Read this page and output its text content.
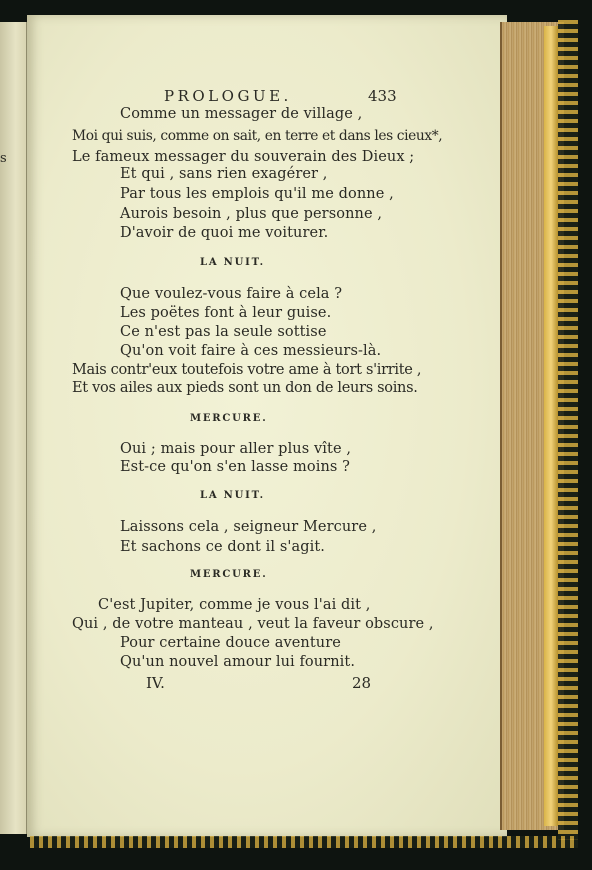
s
PROLOGUE.	433
Comme un messager de village ,
Moi qui suis, comme on sait, en terre et dans les cieux*,
Le fameux messager du souverain des Dieux ;
Et qui , sans rien exagérer ,
Par tous les emplois qu'il me donne ,
Aurois besoin , plus que personne ,
D'avoir de quoi me voiturer.
LA NUIT.
Que voulez-vous faire à cela ?
Les poëtes font à leur guise.
Ce n'est pas la seule sottise
Qu'on voit faire à ces messieurs-là.
Mais contr'eux toutefois votre ame à tort s'irrite ,
Et vos ailes aux pieds sont un don de leurs soins.
MERCURE.
Oui ; mais pour aller plus vîte ,
Est-ce qu'on s'en lasse moins ?
LA NUIT.
Laissons cela , seigneur Mercure ,
Et sachons ce dont il s'agit.
MERCURE.
C'est Jupiter, comme je vous l'ai dit ,
Qui , de votre manteau , veut la faveur obscure ,
Pour certaine douce aventure
Qu'un nouvel amour lui fournit.
IV.	28
